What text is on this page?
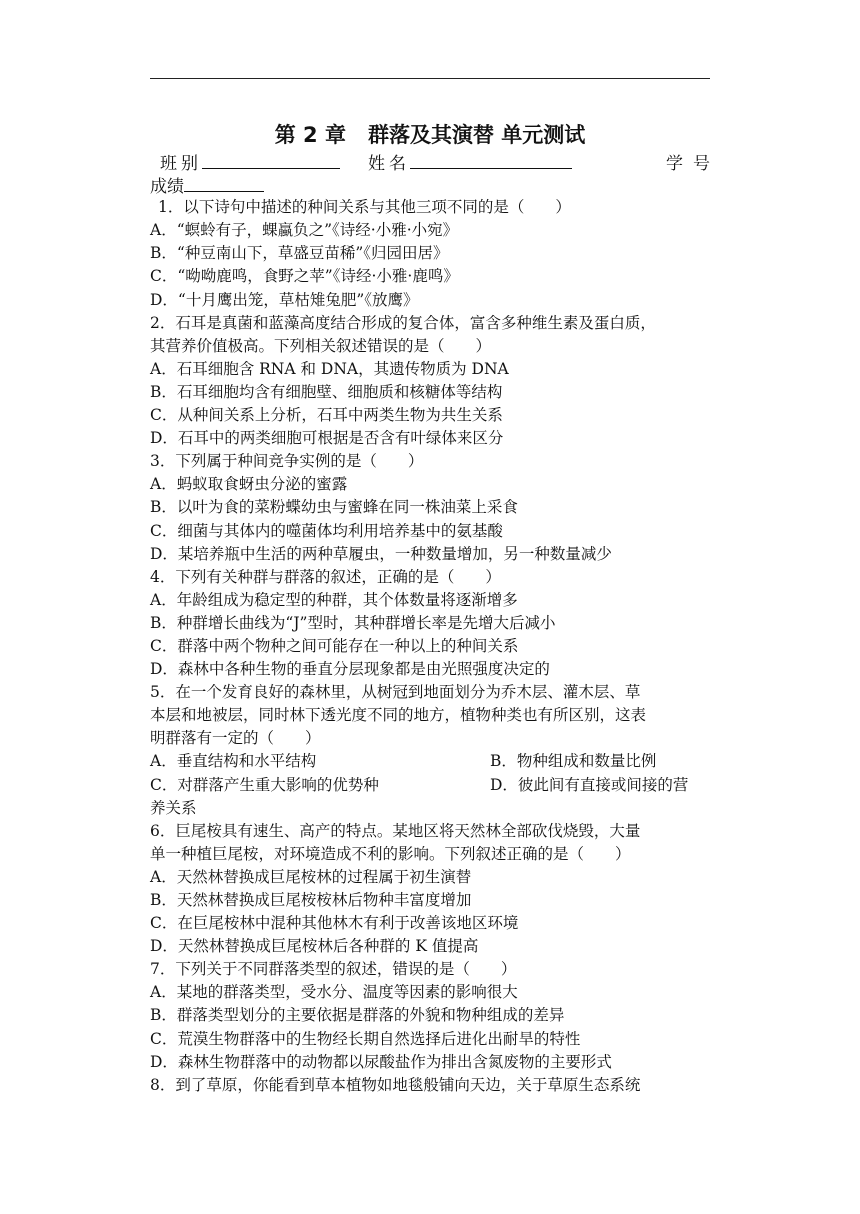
第 2 章 群落及其演替 单元测试
班别	姓名	学号
成绩
1．以下诗句中描述的种间关系与其他三项不同的是（　　）
A．“螟蛉有子，蜾蠃负之”《诗经·小雅·小宛》
B．“种豆南山下，草盛豆苗稀”《归园田居》
C．“呦呦鹿鸣，食野之苹”《诗经·小雅·鹿鸣》
D．“十月鹰出笼，草枯雉兔肥”《放鹰》
2．石耳是真菌和蓝藻高度结合形成的复合体，富含多种维生素及蛋白质，
其营养价值极高。下列相关叙述错误的是（　　）
A．石耳细胞含 RNA 和 DNA，其遗传物质为 DNA
B．石耳细胞均含有细胞壁、细胞质和核糖体等结构
C．从种间关系上分析，石耳中两类生物为共生关系
D．石耳中的两类细胞可根据是否含有叶绿体来区分
3．下列属于种间竞争实例的是（　　）
A．蚂蚁取食蚜虫分泌的蜜露
B．以叶为食的菜粉蝶幼虫与蜜蜂在同一株油菜上采食
C．细菌与其体内的噬菌体均利用培养基中的氨基酸
D．某培养瓶中生活的两种草履虫，一种数量增加，另一种数量减少
4．下列有关种群与群落的叙述，正确的是（　　）
A．年龄组成为稳定型的种群，其个体数量将逐渐增多
B．种群增长曲线为“J”型时，其种群增长率是先增大后减小
C．群落中两个物种之间可能存在一种以上的种间关系
D．森林中各种生物的垂直分层现象都是由光照强度决定的
5．在一个发育良好的森林里，从树冠到地面划分为乔木层、灌木层、草
本层和地被层，同时林下透光度不同的地方，植物种类也有所区别，这表
明群落有一定的（　　）
A．垂直结构和水平结构	B．物种组成和数量比例
C．对群落产生重大影响的优势种	D．彼此间有直接或间接的营
养关系
6．巨尾桉具有速生、高产的特点。某地区将天然林全部砍伐烧毁，大量
单一种植巨尾桉，对环境造成不利的影响。下列叙述正确的是（　　）
A．天然林替换成巨尾桉林的过程属于初生演替
B．天然林替换成巨尾桉桉林后物种丰富度增加
C．在巨尾桉林中混种其他林木有利于改善该地区环境
D．天然林替换成巨尾桉林后各种群的 K 值提高
7．下列关于不同群落类型的叙述，错误的是（　　）
A．某地的群落类型，受水分、温度等因素的影响很大
B．群落类型划分的主要依据是群落的外貌和物种组成的差异
C．荒漠生物群落中的生物经长期自然选择后进化出耐旱的特性
D．森林生物群落中的动物都以尿酸盐作为排出含氮废物的主要形式
8．到了草原，你能看到草本植物如地毯般铺向天边，关于草原生态系统
